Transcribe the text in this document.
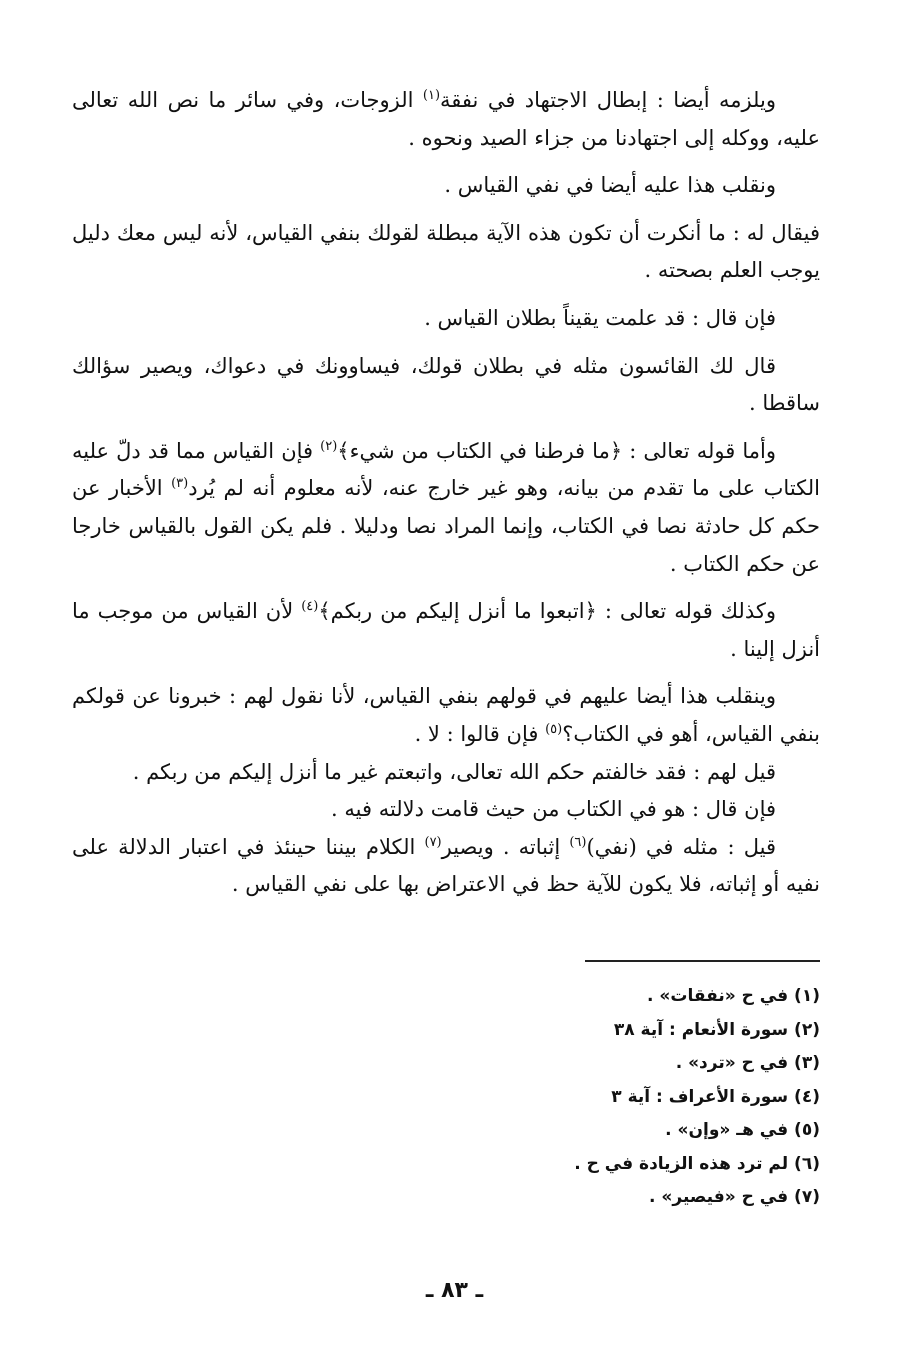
ويلزمه أيضا : إبطال الاجتهاد في نفقة$^{(١)}$ الزوجات، وفي سائر ما نص الله تعالى عليه، ووكله إلى اجتهادنا من جزاء الصيد ونحوه .

ونقلب هذا عليه أيضا في نفي القياس .

فيقال له : ما أنكرت أن تكون هذه الآية مبطلة لقولك بنفي القياس، لأنه ليس معك دليل يوجب العلم بصحته .

فإن قال : قد علمت يقيناً بطلان القياس .

قال لك القائسون مثله في بطلان قولك، فيساوونك في دعواك، ويصير سؤالك ساقطا .

وأما قوله تعالى : ﴿ما فرطنا في الكتاب من شيء﴾$^{(٢)}$ فإن القياس مما قد دلّ عليه الكتاب على ما تقدم من بيانه، وهو غير خارج عنه، لأنه معلوم أنه لم يُرد$^{(٣)}$ الأخبار عن حكم كل حادثة نصا في الكتاب، وإنما المراد نصا ودليلا . فلم يكن القول بالقياس خارجا عن حكم الكتاب .

وكذلك قوله تعالى : ﴿اتبعوا ما أنزل إليكم من ربكم﴾$^{(٤)}$ لأن القياس من موجب ما أنزل إلينا .

وينقلب هذا أيضا عليهم في قولهم بنفي القياس، لأنا نقول لهم : خبرونا عن قولكم بنفي القياس، أهو في الكتاب؟$^{(٥)}$ فإن قالوا : لا .

قيل لهم : فقد خالفتم حكم الله تعالى، واتبعتم غير ما أنزل إليكم من ربكم .

فإن قال : هو في الكتاب من حيث قامت دلالته فيه .

قيل : مثله في (نفي)$^{(٦)}$ إثباته . ويصير$^{(٧)}$ الكلام بيننا حينئذ في اعتبار الدلالة على نفيه أو إثباته، فلا يكون للآية حظ في الاعتراض بها على نفي القياس .

(١) في ح «نفقات» .
(٢) سورة الأنعام : آية ٣٨
(٣) في ح «ترد» .
(٤) سورة الأعراف : آية ٣
(٥) في هـ «وإن» .
(٦) لم ترد هذه الزيادة في ح .
(٧) في ح «فيصير» .
ـ ٨٣ ـ
